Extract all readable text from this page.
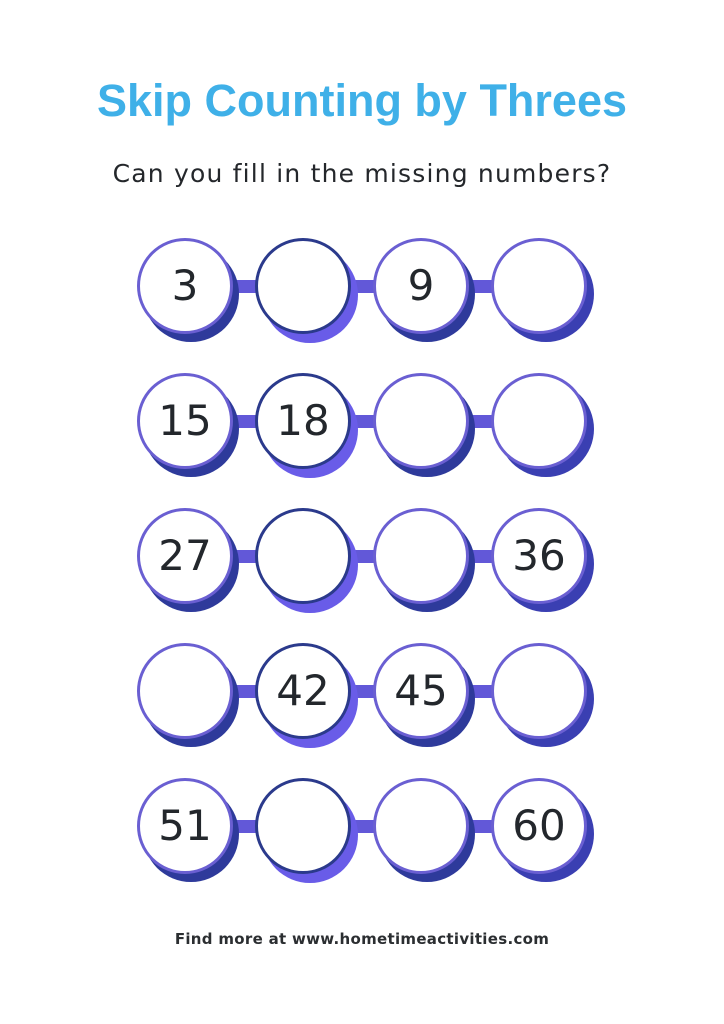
Skip Counting by Threes

Can you fill in the missing numbers?

3	9
15 18
27	36
42 45
51	60

Find more at www.hometimeactivities.com
